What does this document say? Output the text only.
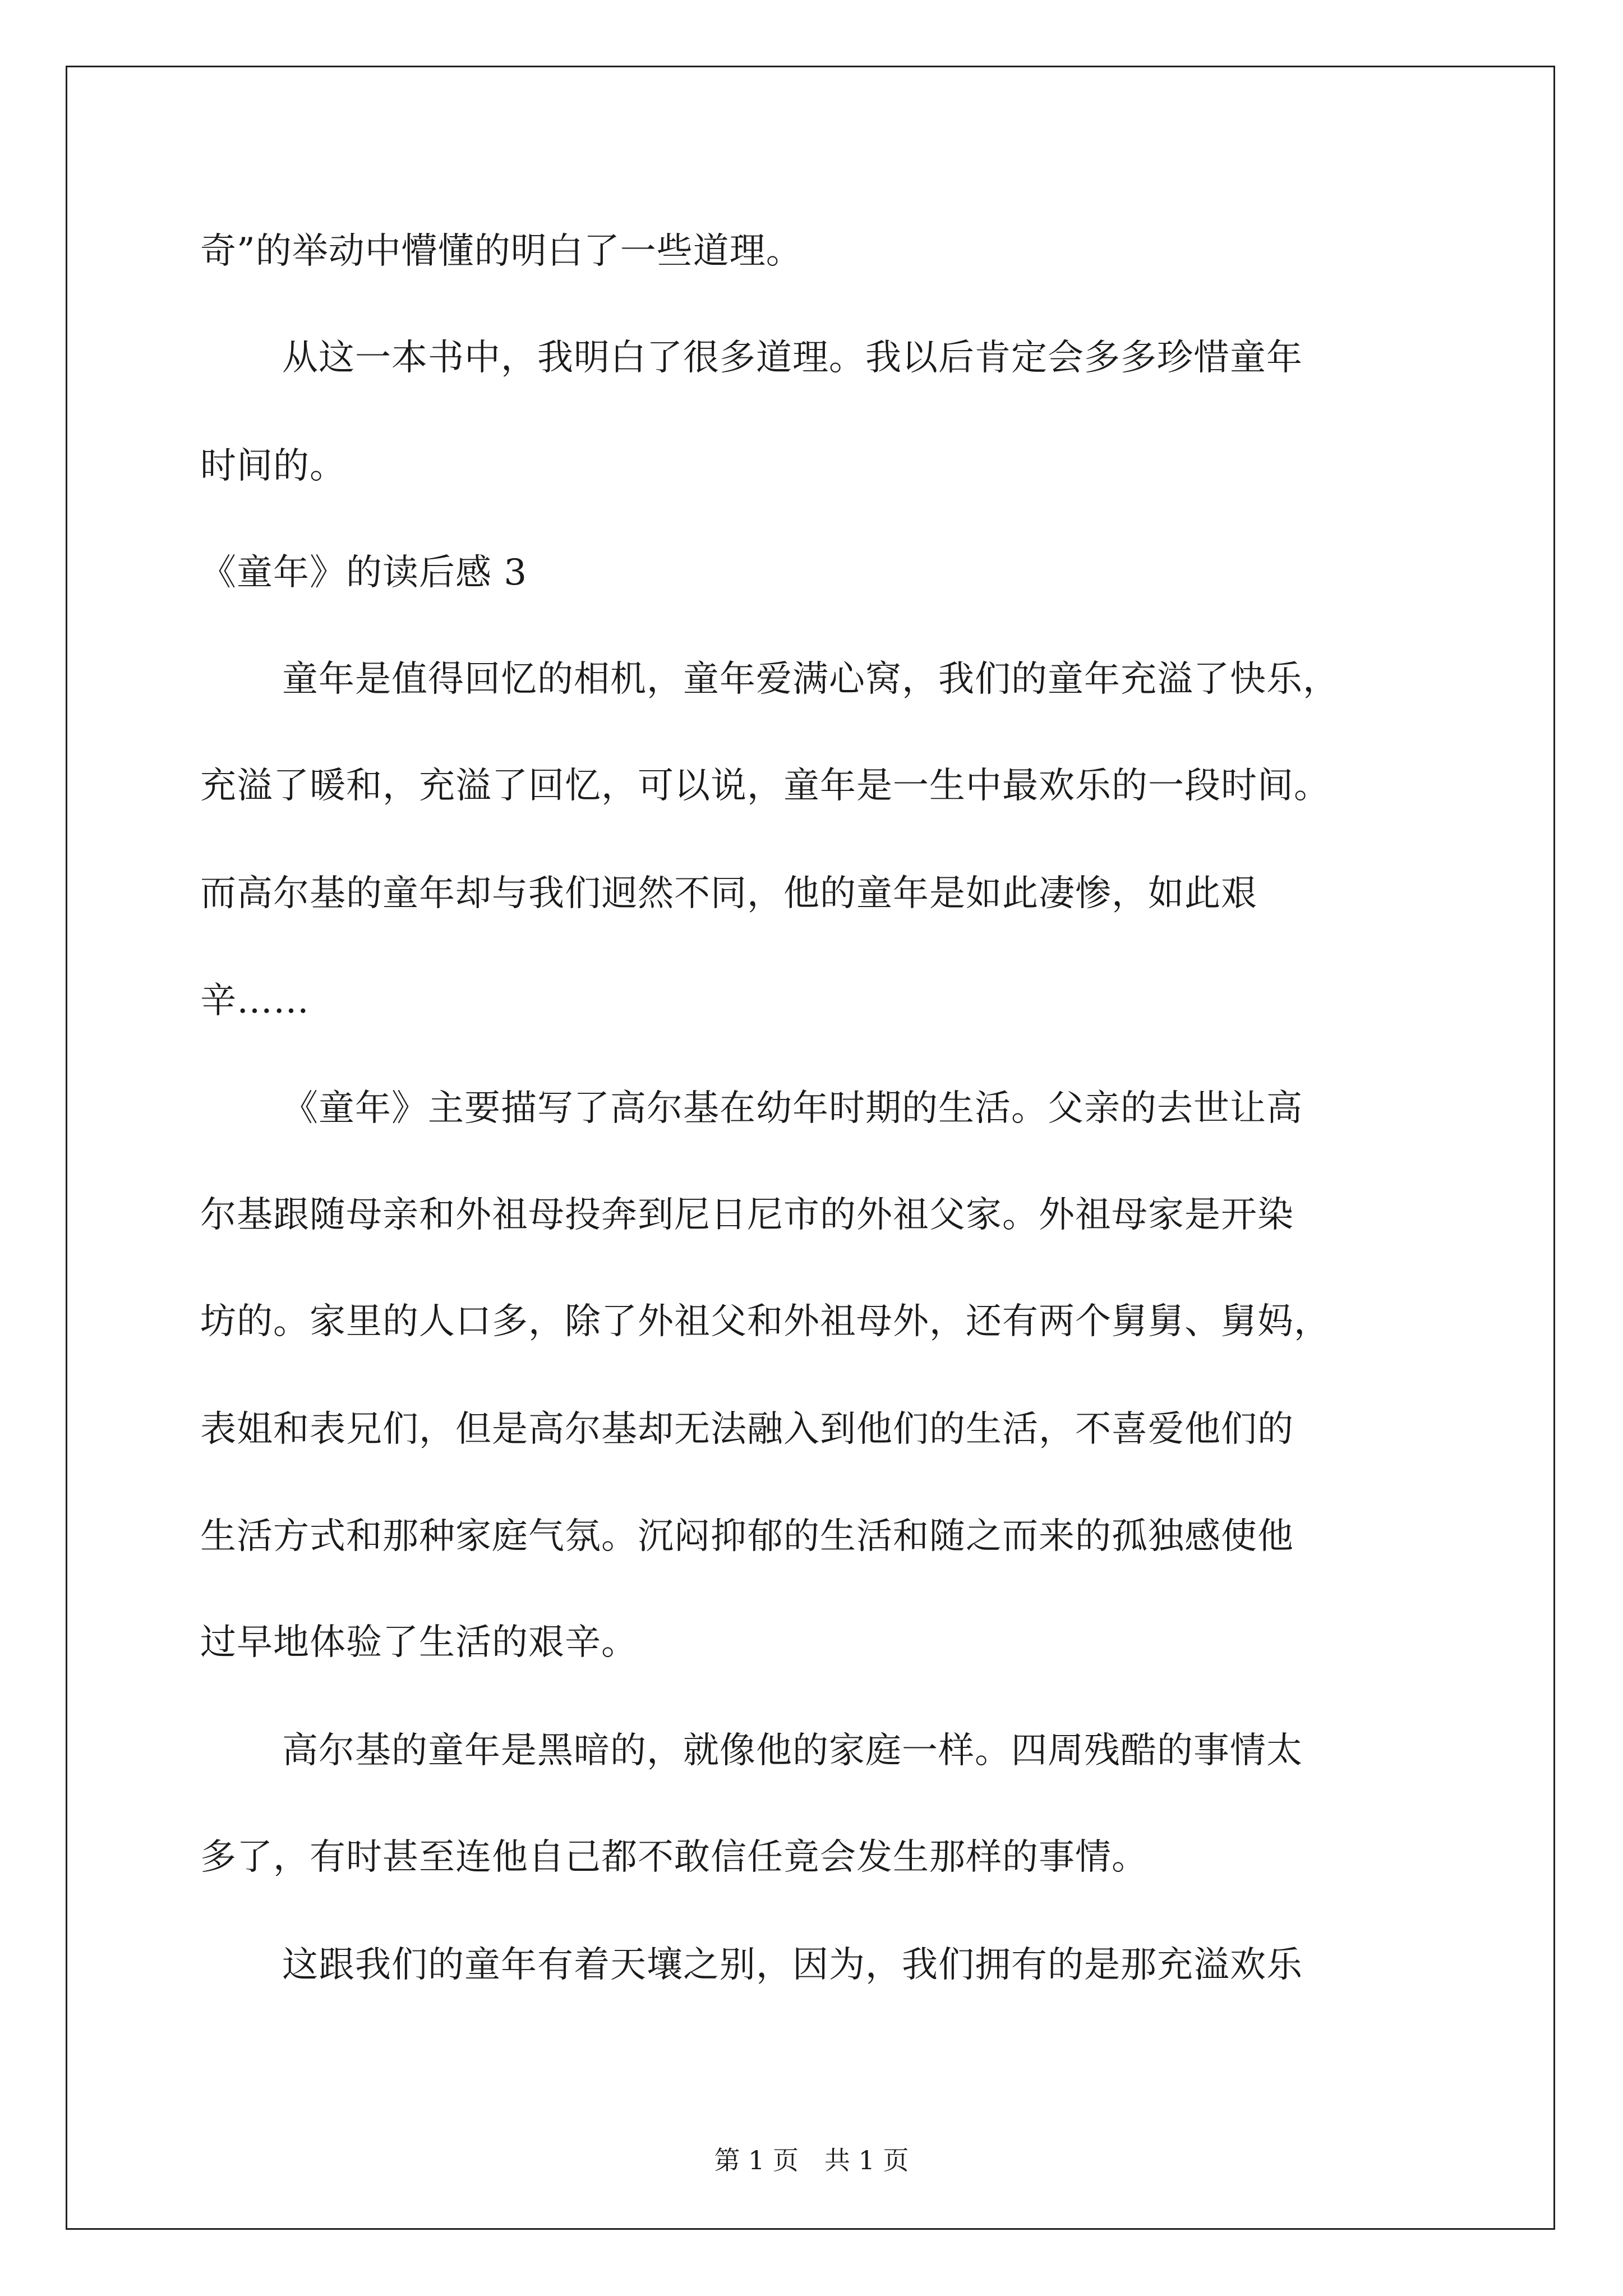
奇”的举动中懵懂的明白了一些道理。
从这一本书中，我明白了很多道理。我以后肯定会多多珍惜童年
时间的。
《童年》的读后感 3
童年是值得回忆的相机，童年爱满心窝，我们的童年充溢了快乐，
充溢了暖和，充溢了回忆，可以说，童年是一生中最欢乐的一段时间。
而高尔基的童年却与我们迥然不同，他的童年是如此凄惨，如此艰
辛……
《童年》主要描写了高尔基在幼年时期的生活。父亲的去世让高
尔基跟随母亲和外祖母投奔到尼日尼市的外祖父家。外祖母家是开染
坊的。家里的人口多，除了外祖父和外祖母外，还有两个舅舅、舅妈，
表姐和表兄们，但是高尔基却无法融入到他们的生活，不喜爱他们的
生活方式和那种家庭气氛。沉闷抑郁的生活和随之而来的孤独感使他
过早地体验了生活的艰辛。
高尔基的童年是黑暗的，就像他的家庭一样。四周残酷的事情太
多了，有时甚至连他自己都不敢信任竟会发生那样的事情。
这跟我们的童年有着天壤之别，因为，我们拥有的是那充溢欢乐
第 1 页　共 1 页
